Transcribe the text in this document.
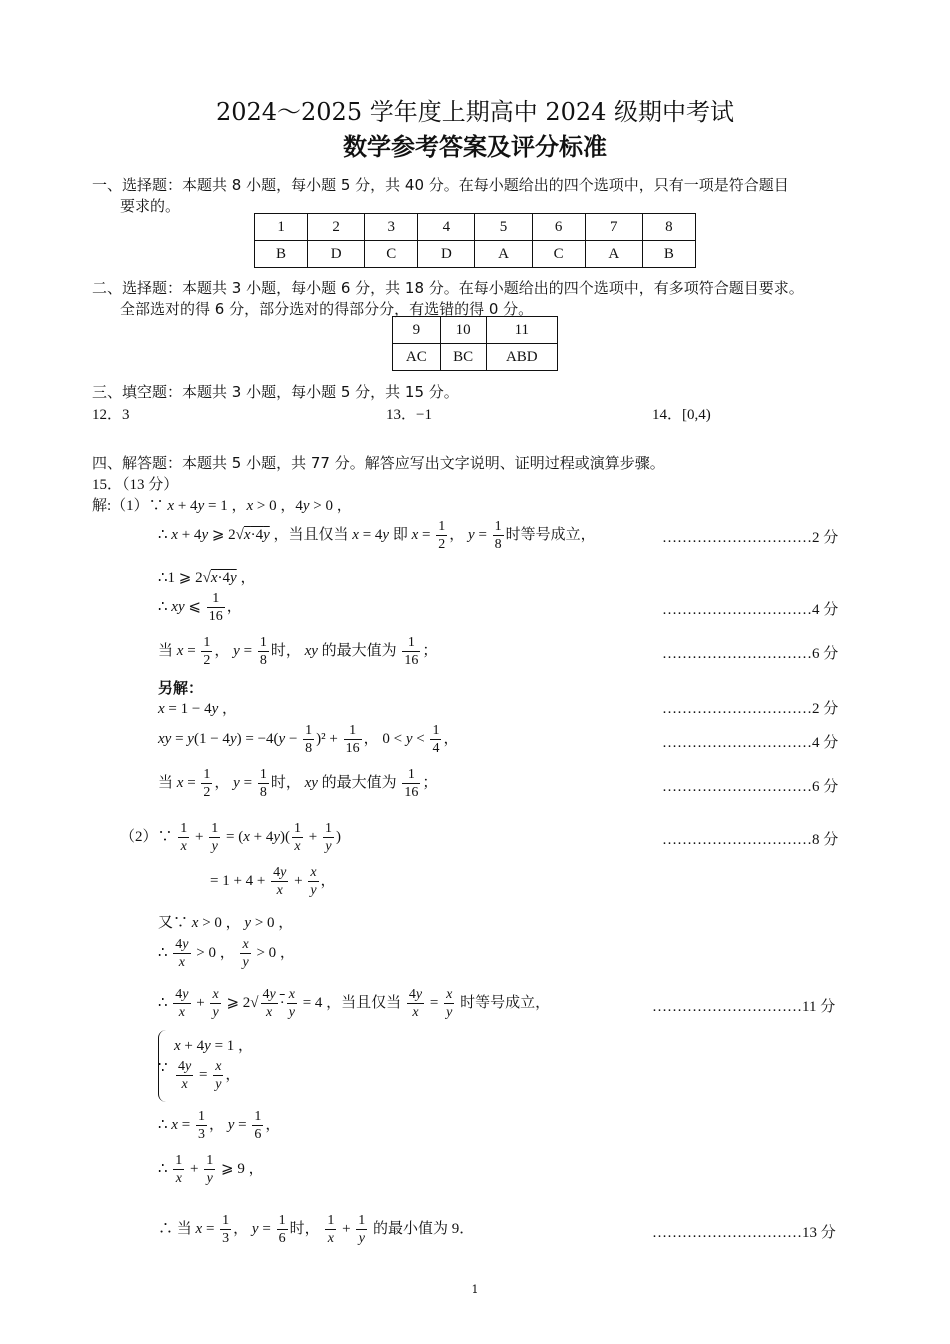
2024～2025 学年度上期高中 2024 级期中考试
数学参考答案及评分标准
一、选择题：本题共 8 小题，每小题 5 分，共 40 分。在每小题给出的四个选项中，只有一项是符合题目
要求的。
1	2	3	4	5	6	7	8
B	D	C	D	A	C	A	B
二、选择题：本题共 3 小题，每小题 6 分，共 18 分。在每小题给出的四个选项中，有多项符合题目要求。
全部选对的得 6 分，部分选对的得部分分，有选错的得 0 分。
9	10	11
AC	BC	ABD
三、填空题：本题共 3 小题，每小题 5 分，共 15 分。
12．3	13．−1	14．[0,4)
四、解答题：本题共 5 小题，共 77 分。解答应写出文字说明、证明过程或演算步骤。
15．（13 分）
解:（1）∵ x + 4y = 1 ，x > 0 ，4y > 0 ，
∴ x + 4y ⩾ 2√x·4y ，当且仅当 x = 4y 即 $x = \frac{1}{2}$ ， $y = \frac{1}{8}$ 时等号成立，	…………………………2 分
∴1 ⩾ 2√x·4y ，
∴ xy ⩽ $\frac{1}{16}$ ，	…………………………4 分
当 $x = \frac{1}{2}$ ， $y = \frac{1}{8}$ 时， xy 的最大值为 $\frac{1}{16}$ ；	…………………………6 分
另解：
x = 1 − 4y ，	…………………………2 分
xy = $y(1 - 4y) = -4(y - \frac{1}{8} )^2 + \frac{1}{16}$ ， $0 < y < \frac{1}{4}$ ，	…………………………4 分
当 $x = \frac{1}{2}$ ， $y = \frac{1}{8}$ 时， xy 的最大值为 $\frac{1}{16}$ ；	…………………………6 分
（2）∵ $\frac{1}{x} + \frac{1}{y} = (x + 4y)( \frac{1}{x} + \frac{1}{y}$ )	…………………………8 分
= $1 + 4 + \frac{4y}{x} + \frac{x}{y}$ ，
又∵ x > 0 ， y > 0 ，
∴ $\frac{4y}{x} > 0$ ， $\frac{x}{y} > 0$ ，
∴ $\frac{4y}{x} + \frac{x}{y}$ ⩾ $2√ \frac{4y}{x} \cdot \frac{x}{y} = 4$ ，当且仅当 $\frac{4y}{x} = \frac{x}{y}$ 时等号成立，	…………………………11 分
∵
x + 4y = 1 ，
$\frac{4y}{x} = \frac{x}{y}$ ，
∴ $x = \frac{1}{3}$ ， $y = \frac{1}{6}$ ，
∴ $\frac{1}{x} + \frac{1}{y}$ ⩾ 9 ，
∴ 当 $x = \frac{1}{3}$ ， $y = \frac{1}{6}$ 时， $\frac{1}{x} + \frac{1}{y}$ 的最小值为 9．	…………………………13 分
1
